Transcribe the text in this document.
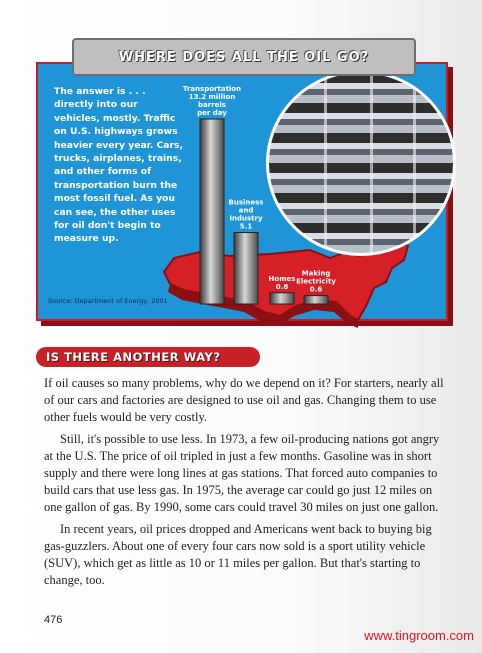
WHERE DOES ALL THE OIL GO?

The answer is . . . directly into our vehicles, mostly. Traffic on U.S. highways grows heavier every year. Cars, trucks, airplanes, trains, and other forms of transportation burn the most fossil fuel. As you can see, the other uses for oil don't begin to measure up.

Transportation
13.2 million
barrels
per day
Business
and
Industry
5.1
Homes
0.8
Making
Electricity
0.6
Source: Department of Energy, 2001
IS THERE ANOTHER WAY?

If oil causes so many problems, why do we depend on it? For starters, nearly all of our cars and factories are designed to use oil and gas. Changing them to use other fuels would be very costly.

Still, it's possible to use less. In 1973, a few oil-producing nations got angry at the U.S. The price of oil tripled in just a few months. Gasoline was in short supply and there were long lines at gas stations. That forced auto companies to build cars that use less gas. In 1975, the average car could go just 12 miles on one gallon of gas. By 1990, some cars could travel 30 miles on just one gallon.

In recent years, oil prices dropped and Americans went back to buying big gas-guzzlers. About one of every four cars now sold is a sport utility vehicle (SUV), which get as little as 10 or 11 miles per gallon. But that's starting to change, too.

476
www.tingroom.com
